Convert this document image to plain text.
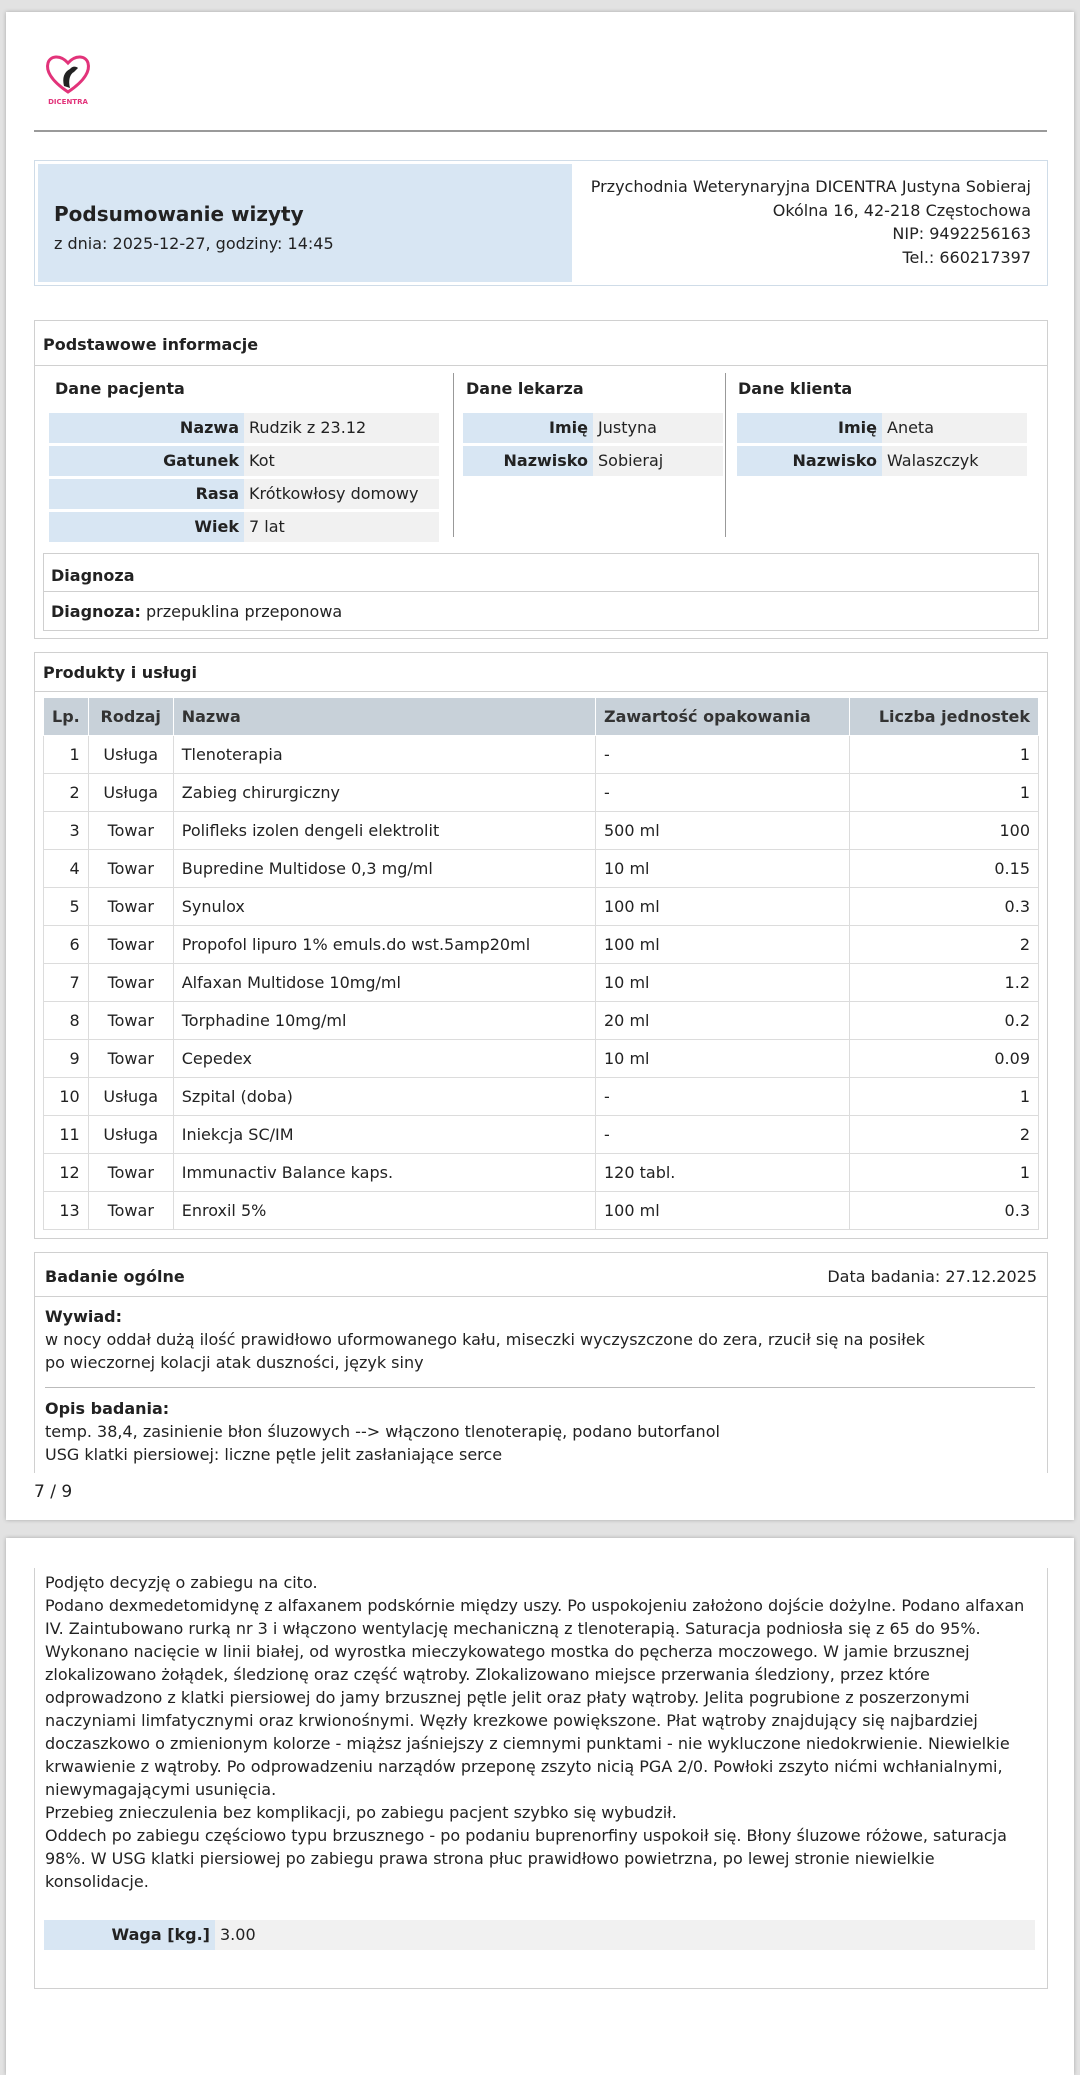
DICENTRA
Podsumowanie wizyty
z dnia: 2025-12-27, godziny: 14:45
Przychodnia Weterynaryjna DICENTRA Justyna Sobieraj
Okólna 16, 42-218 Częstochowa
NIP: 9492256163
Tel.: 660217397
Podstawowe informacje
Dane pacjenta
Nazwa Rudzik z 23.12
Gatunek Kot
Rasa Krótkowłosy domowy
Wiek 7 lat
Dane lekarza
Imię Justyna
Nazwisko Sobieraj
Dane klienta
Imię Aneta
Nazwisko Walaszczyk
Diagnoza
Diagnoza: przepuklina przeponowa
Produkty i usługi
Lp.	Rodzaj	Nazwa	Zawartość opakowania	Liczba jednostek
1	Usługa	Tlenoterapia	-	1
2	Usługa	Zabieg chirurgiczny	-	1
3	Towar	Polifleks izolen dengeli elektrolit	500 ml	100
4	Towar	Bupredine Multidose 0,3 mg/ml	10 ml	0.15
5	Towar	Synulox	100 ml	0.3
6	Towar	Propofol lipuro 1% emuls.do wst.5amp20ml	100 ml	2
7	Towar	Alfaxan Multidose 10mg/ml	10 ml	1.2
8	Towar	Torphadine 10mg/ml	20 ml	0.2
9	Towar	Cepedex	10 ml	0.09
10	Usługa	Szpital (doba)	-	1
11	Usługa	Iniekcja SC/IM	-	2
12	Towar	Immunactiv Balance kaps.	120 tabl.	1
13	Towar	Enroxil 5%	100 ml	0.3
Badanie ogólne	Data badania: 27.12.2025
Wywiad:
w nocy oddał dużą ilość prawidłowo uformowanego kału, miseczki wyczyszczone do zera, rzucił się na posiłek
po wieczornej kolacji atak duszności, język siny
Opis badania:
temp. 38,4, zasinienie błon śluzowych --> włączono tlenoterapię, podano butorfanol
USG klatki piersiowej: liczne pętle jelit zasłaniające serce
7 / 9
Podjęto decyzję o zabiegu na cito.
Podano dexmedetomidynę z alfaxanem podskórnie między uszy. Po uspokojeniu założono dojście dożylne. Podano alfaxan
IV. Zaintubowano rurką nr 3 i włączono wentylację mechaniczną z tlenoterapią. Saturacja podniosła się z 65 do 95%.
Wykonano nacięcie w linii białej, od wyrostka mieczykowatego mostka do pęcherza moczowego. W jamie brzusznej
zlokalizowano żołądek, śledzionę oraz część wątroby. Zlokalizowano miejsce przerwania śledziony, przez które
odprowadzono z klatki piersiowej do jamy brzusznej pętle jelit oraz płaty wątroby. Jelita pogrubione z poszerzonymi
naczyniami limfatycznymi oraz krwionośnymi. Węzły krezkowe powiększone. Płat wątroby znajdujący się najbardziej
doczaszkowo o zmienionym kolorze - miąższ jaśniejszy z ciemnymi punktami - nie wykluczone niedokrwienie. Niewielkie
krwawienie z wątroby. Po odprowadzeniu narządów przeponę zszyto nicią PGA 2/0. Powłoki zszyto nićmi wchłanialnymi,
niewymagającymi usunięcia.
Przebieg znieczulenia bez komplikacji, po zabiegu pacjent szybko się wybudził.
Oddech po zabiegu częściowo typu brzusznego - po podaniu buprenorfiny uspokoił się. Błony śluzowe różowe, saturacja
98%. W USG klatki piersiowej po zabiegu prawa strona płuc prawidłowo powietrzna, po lewej stronie niewielkie
konsolidacje.
Waga [kg.] 3.00
